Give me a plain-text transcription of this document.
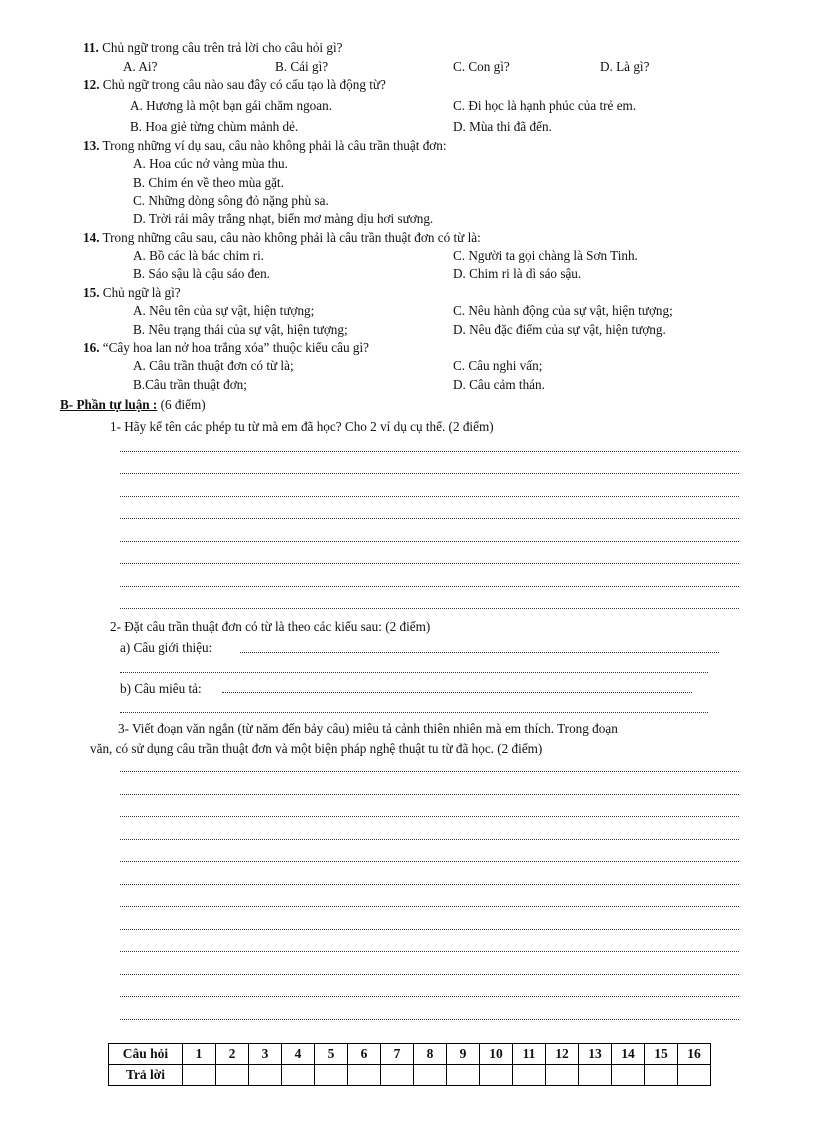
11. Chủ ngữ trong câu trên trả lời cho câu hỏi gì?
A. Ai?	B. Cái gì?	C. Con gì?	D. Là gì?
12. Chủ ngữ trong câu nào sau đây có cấu tạo là động từ?
A. Hương là một bạn gái chăm ngoan.	C. Đi học là hạnh phúc của trẻ em.
B. Hoa giẻ từng chùm mảnh dẻ.	D. Mùa thi đã đến.
13. Trong những ví dụ sau, câu nào không phải là câu trần thuật đơn:
A. Hoa cúc nở vàng mùa thu.
B. Chim én về theo mùa gặt.
C. Những dòng sông đỏ nặng phù sa.
D. Trời rải mây trắng nhạt, biển mơ màng dịu hơi sương.
14. Trong những câu sau, câu nào không phải là câu trần thuật đơn có từ là:
A. Bồ các là bác chim ri.	C. Người ta gọi chàng là Sơn Tinh.
B. Sáo sậu là cậu sáo đen.	D. Chim ri là dì sáo sậu.
15. Chủ ngữ là gì?
A. Nêu tên của sự vật, hiện tượng;	C. Nêu hành động của sự vật, hiện tượng;
B. Nêu trạng thái của sự vật, hiện tượng;	D. Nêu đặc điểm của sự vật, hiện tượng.
16. “Cây hoa lan nở hoa trắng xóa” thuộc kiểu câu gì?
A. Câu trần thuật đơn có từ là;	C. Câu nghi vấn;
B.Câu trần thuật đơn;	D. Câu cảm thán.
B- Phần tự luận : (6 điểm)
1- Hãy kể tên các phép tu từ mà em đã học? Cho 2 ví dụ cụ thể. (2 điểm)
2- Đặt câu trần thuật đơn có từ là theo các kiểu sau: (2 điểm)
a) Câu giới thiệu:
b) Câu miêu tả:
3- Viết đoạn văn ngắn (từ năm đến bảy câu) miêu tả cảnh thiên nhiên mà em thích. Trong đoạn
văn, có sử dụng câu trần thuật đơn và một biện pháp nghệ thuật tu từ đã học. (2 điểm)
Câu hỏi	1	2	3	4	5	6	7	8	9	10	11	12	13	14	15	16
Trả lời																
